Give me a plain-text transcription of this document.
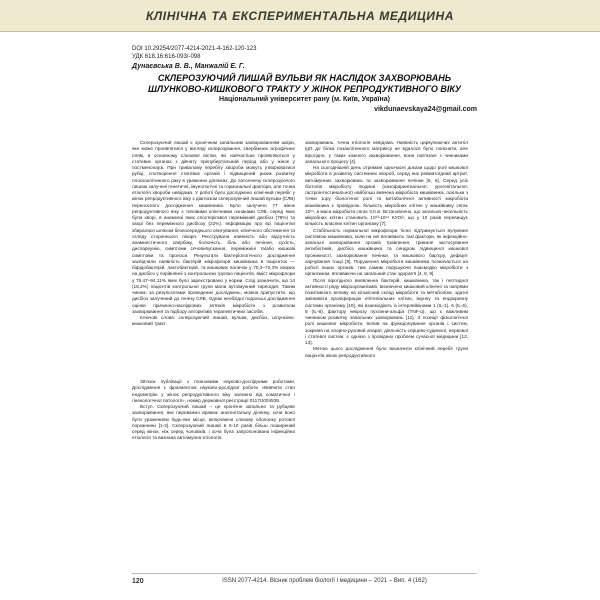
КЛІНІЧНА ТА ЕКСПЕРИМЕНТАЛЬНА МЕДИЦИНА
DOI 10.29254/2077-4214-2021-4-162-120-123
УДК 618.16:616-093/-098
Дунаєвська В. В., Манжалій Е. Г.
СКЛЕРОЗУЮЧИЙ ЛИШАЙ ВУЛЬВИ ЯК НАСЛІДОК ЗАХВОРЮВАНЬ ШЛУНКОВО-КИШКОВОГО ТРАКТУ У ЖІНОК РЕПРОДУКТИВНОГО ВІКУ
Національний університет рану (м. Київ, Україна)
vikdunaevskaya24@gmail.com

Склерозуючий лишай є хронічним запальним захворюванням шкіри, яке може проявлятися у вигляді склерозування, свербіжних атрофічних плям, в основному слизової вістки, які найчастіше проявляються у статевих органах з дівчату препубертальний період або у жінок у постменопаузі. При тривалому перебігу хвороби можуть утворюватися рубці, спотворення статевих органів і підвищений ризик розвитку плоскоклітинного раку в уражених ділянках. До патогенезу склерозуючого лишаю залучені генетичні, імунологічні та гормональні фактори, але точна етіологія хвороби невідома. У роботі було досліджено клінічний перебіг у жінок репродуктивного віку з діагнозом склерозуючий лишай вульви (СЛВ) переносного дослідження кишківника. Було залучено 77 жінок репродуктивного віку з типовими клінічними ознаками СЛВ, серед яких були хворі, в анамнезі яких спостерігався переміжний дисбіоз (78%) та хворі без переміжного дисбіозу (22%). Інформацію про всі пацієнтки збиралася шляхом безпосереднього опитування, клінічного обстеження та огляду стороннього лікаря. Реєстрували наявність або відсутність анамнестичного свербіжу, болючість, біль або печіння, сухість, диспареунію, симптоми сечовипускання, переміжніні та/або кишкові симптоми та проноси. Результати бактеріологічного дослідження засвідчили наявність бактерій мікрофлори кишківника в пацієнток — біфідобактерій, лактобактерій, та кишкових паличок у 70,3–72,3% хворих на дисбіоз у порівнянні з контрольною групою пацієнтів, вміст мікрофлори у 76,47–94,11% яких було зареєстровано у норми. Слід зазначити, що 14 (18,2%) пацієнтів контрольної групи мали аутоімунний тиреоїдит. Таким чином, за результатами проведених досліджень, можна припустити, що дисбіоз залучений до генезу СЛВ. Однак необхідні подальші дослідження оцінки причинно-наслідкових зв'язків мікробіоти з розвитком захворювання та підбору алгоритмів терапевтичних засобів.

Ключові слова: склерозуючий лишай, вульва, дисбіоз, шлунково-кишковий тракт.

Зв'язок публікації з плановими науково-дослідними роботами. Дослідження є фрагментом науково-дослідної роботи «Вивчити стан ендометрію у жінок репродуктивного віку залежно від соматичної і гінекологічної патології», номер державної реєстрації 0117U004539.

Вступ. Склерозуючий лишай – це хронічне запальне та рубцеве захворювання, яке переважно вражає аногенітальну ділянку, хоча воно бути уражениям будь-яке місце, включаючи слизову оболонку ротової порожнини [1-3]. Склерозуючий лишай в 6-10 разів більш поширений серед жінок, ніж серед чоловіків, і хоча була запропонована інфекційна етіологія та визнана автоімунна етіологія.

захворювань, точна етіологія невідома. Наявність циркулюючих антитіл IgG до білка позаклітинного матриксу не вдалося було пояснити, але вірогідно, у таких кожного захворювання, вони пов'язані з чинниками запального процесу [4].

На сьогоднішній день отримані одночасні докази щодо ролі кишкової мікробіоти в розвитку системних хвороб, серед них ревматоїдний артрит, автоімунних захворювань та захворювання печінки [5, 6]. Серед усіх біотопів мікробіоту людини (назофарингеальної, урогенітальної, гастроінтестинальної) найбільш вивчена мікробіота кишківника, оскільки з точки зору біологічної ролі та метаболічної активності мікробіота кишківника є провідною. Кількість мікробних клітин у кишківнику сягає 10¹⁴, а маса мікробіоти сягає 3,0 кг. Встановлено, що загальна чисельність мікробних клітин становить 10¹³-10¹⁴ КУО/г, що у 10 разів перевищує кількість власних клітин організму [7].

Стабільність нормальної мікрофлори тісно підтримується вулумних системою кишківника, коли на неї впливають такі фактори, як інфекційно-запальні захворювання органів травлення, тривале застосування антибіотиків, дисбіоз кишківника та синдром підвищеної кишкової проникності, захворювання печінки, та кишкового бар'єру, дефіцит харчування тощо [8]. Порушення мікробіоти кишківника позначається на роботі інших органів, тим самим порушуючи взаємодію мікробіоти з організмом, впливаючи на загальний стан здоров'я [4, 8, 9].

Після вірогідного виявлення бактерій, кишківника, так і пептидної активності ряду мікрооргаанізмів, визначено кишковий клінічні та напрями позитивного впливу на кількісний склад мікробіоти та метаболізм, здатні змінювати проліферацію епітеліальних клітин, імунну та ендокринну системи організму [10], які взаємодіють із інтерлейкінами 1 (IL-1), 6 (IL-6), 8 (IL-8), фактору некрозу пухлини-альфа (TNF-α), що є важливим чинником розвитку запальних захворювань [11]. З позиції фізіологічної ролі кишкової мікробіоти, вплив на функціонування органів і систем, зокрема на опорно-руховий апарат, діяльність серцево-судинної, нервової і статевої систем, є однією з провідних проблем сучасної медицини [12, 13].

Метою цього дослідження було визначити клінічний перебіг групи пацієнтів жінок репродуктивного

120	ISSN 2077-4214. Вісник проблем біології і медицини – 2021 – Вип. 4 (162)
